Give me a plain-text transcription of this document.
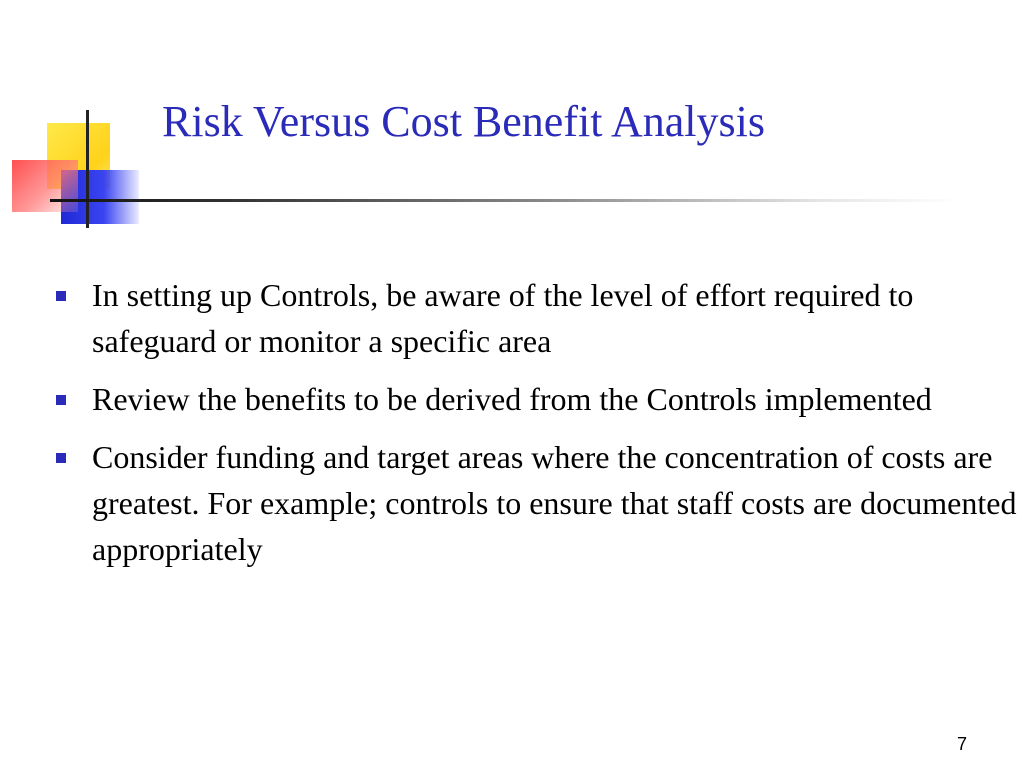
Risk Versus Cost Benefit Analysis
In setting up Controls, be aware of the level of effort required to safeguard or monitor a specific area
Review the benefits to be derived from the Controls implemented
Consider funding and target areas where the concentration of costs are greatest. For example; controls to ensure that staff costs are documented appropriately
7
